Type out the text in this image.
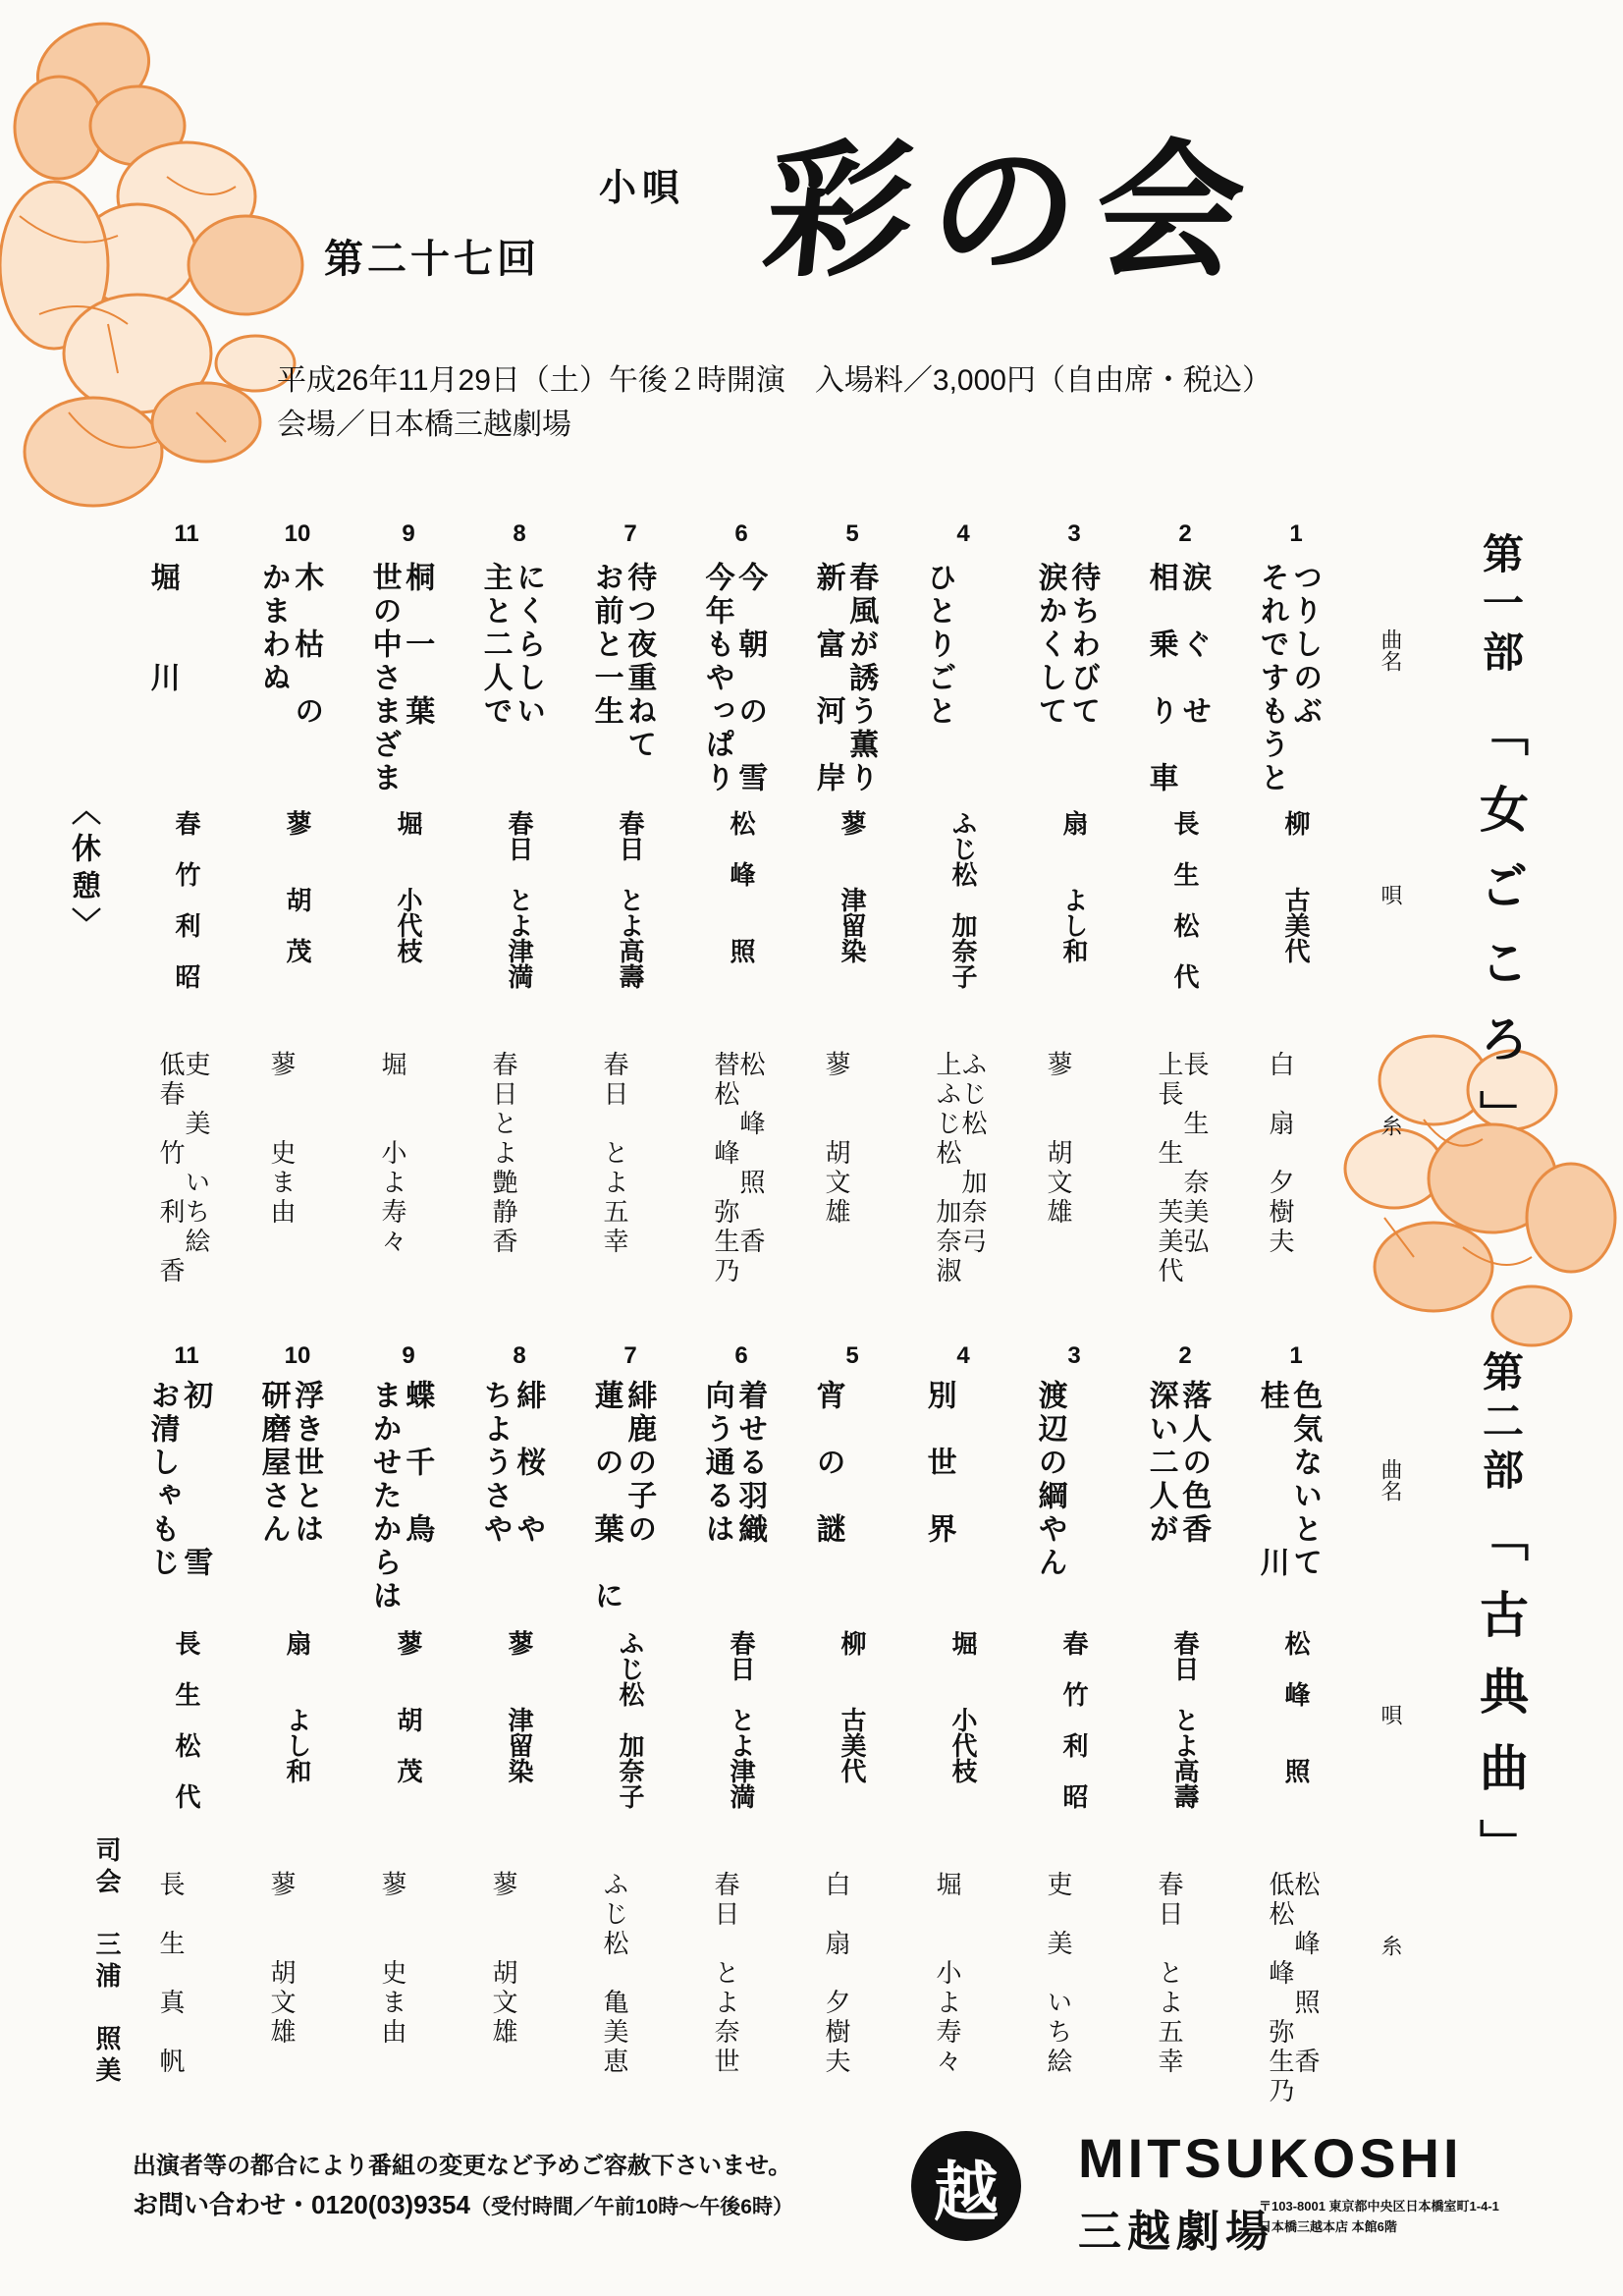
第二十七回
小唄 彩の会
平成26年11月29日（土）午後２時開演　入場料／3,000円（自由席・税込）
会場／日本橋三越劇場
第一部
「女ごころ」
曲名
唄
糸
1
つりしのぶ
それですもうと
柳　　古美代
白　扇　夕樹夫
2
涙　ぐ　せ
相　乗　り　車
長　生　松　代
長　生　奈美弘
上長　生　芙美代
3
待ちわびて
涙かくして
扇　　よし和
蓼　　胡文雄
4
ひとりごと
ふじ松　加奈子
ふじ松　加奈弓
上ふじ松　加奈淑
5
春風が誘う薫り
新　富　河　岸
蓼　　津留染
蓼　　胡文雄
6
今　朝　の　雪
今年もやっぱり
松　峰　　照
松　峰　照　香
替松　峰　弥生乃
7
待つ夜重ねて
お前と一生
春日　とよ高壽
春日　とよ五幸
8
にくらしい
主と二人で
春日　とよ津満
春日とよ艶静香
9
桐　一　葉
世の中さまざま
堀　　小代枝
堀　　小よ寿々
10
木　枯　の
かまわぬ
蓼　　胡　茂
蓼　　史ま由
11
堀　　川
春　竹　利　昭
吏　美　いち絵
低春　竹　利　香
〈休憩〉
第二部
「古典曲」
曲名
唄
糸
1
色気ないとて
桂　　　　川
松　峰　　照
松　峰　照　香
低松　峰　弥生乃
2
落人の色香
深い二人が
春日　とよ高壽
春日　とよ五幸
3
渡辺の綱やん
春　竹　利　昭
吏　美　いち絵
4
別　世　界
堀　　小代枝
堀　　小よ寿々
5
宵　の　謎
柳　　古美代
白　扇　夕樹夫
6
着せる羽織
向う通るは
春日　とよ津満
春日　とよ奈世
7
緋鹿の子の
蓮　の　葉　に
ふじ松　加奈子
ふじ松　亀美恵
8
緋　桜　や
ちようさや
蓼　　津留染
蓼　　胡文雄
9
蝶　千　鳥
まかせたからは
蓼　　胡　茂
蓼　　史ま由
10
浮き世とは
研磨屋さん
扇　　よし和
蓼　　胡文雄
11
初　　　　雪
お清しゃもじ
長　生　松　代
長　生　真　帆
司会　三浦　照美
出演者等の都合により番組の変更など予めご容赦下さいませ。
お問い合わせ・0120(03)9354（受付時間／午前10時〜午後6時）	越	MITSUKOSHI
三越劇場
〒103-8001 東京都中央区日本橋室町1-4-1
日本橋三越本店 本館6階
